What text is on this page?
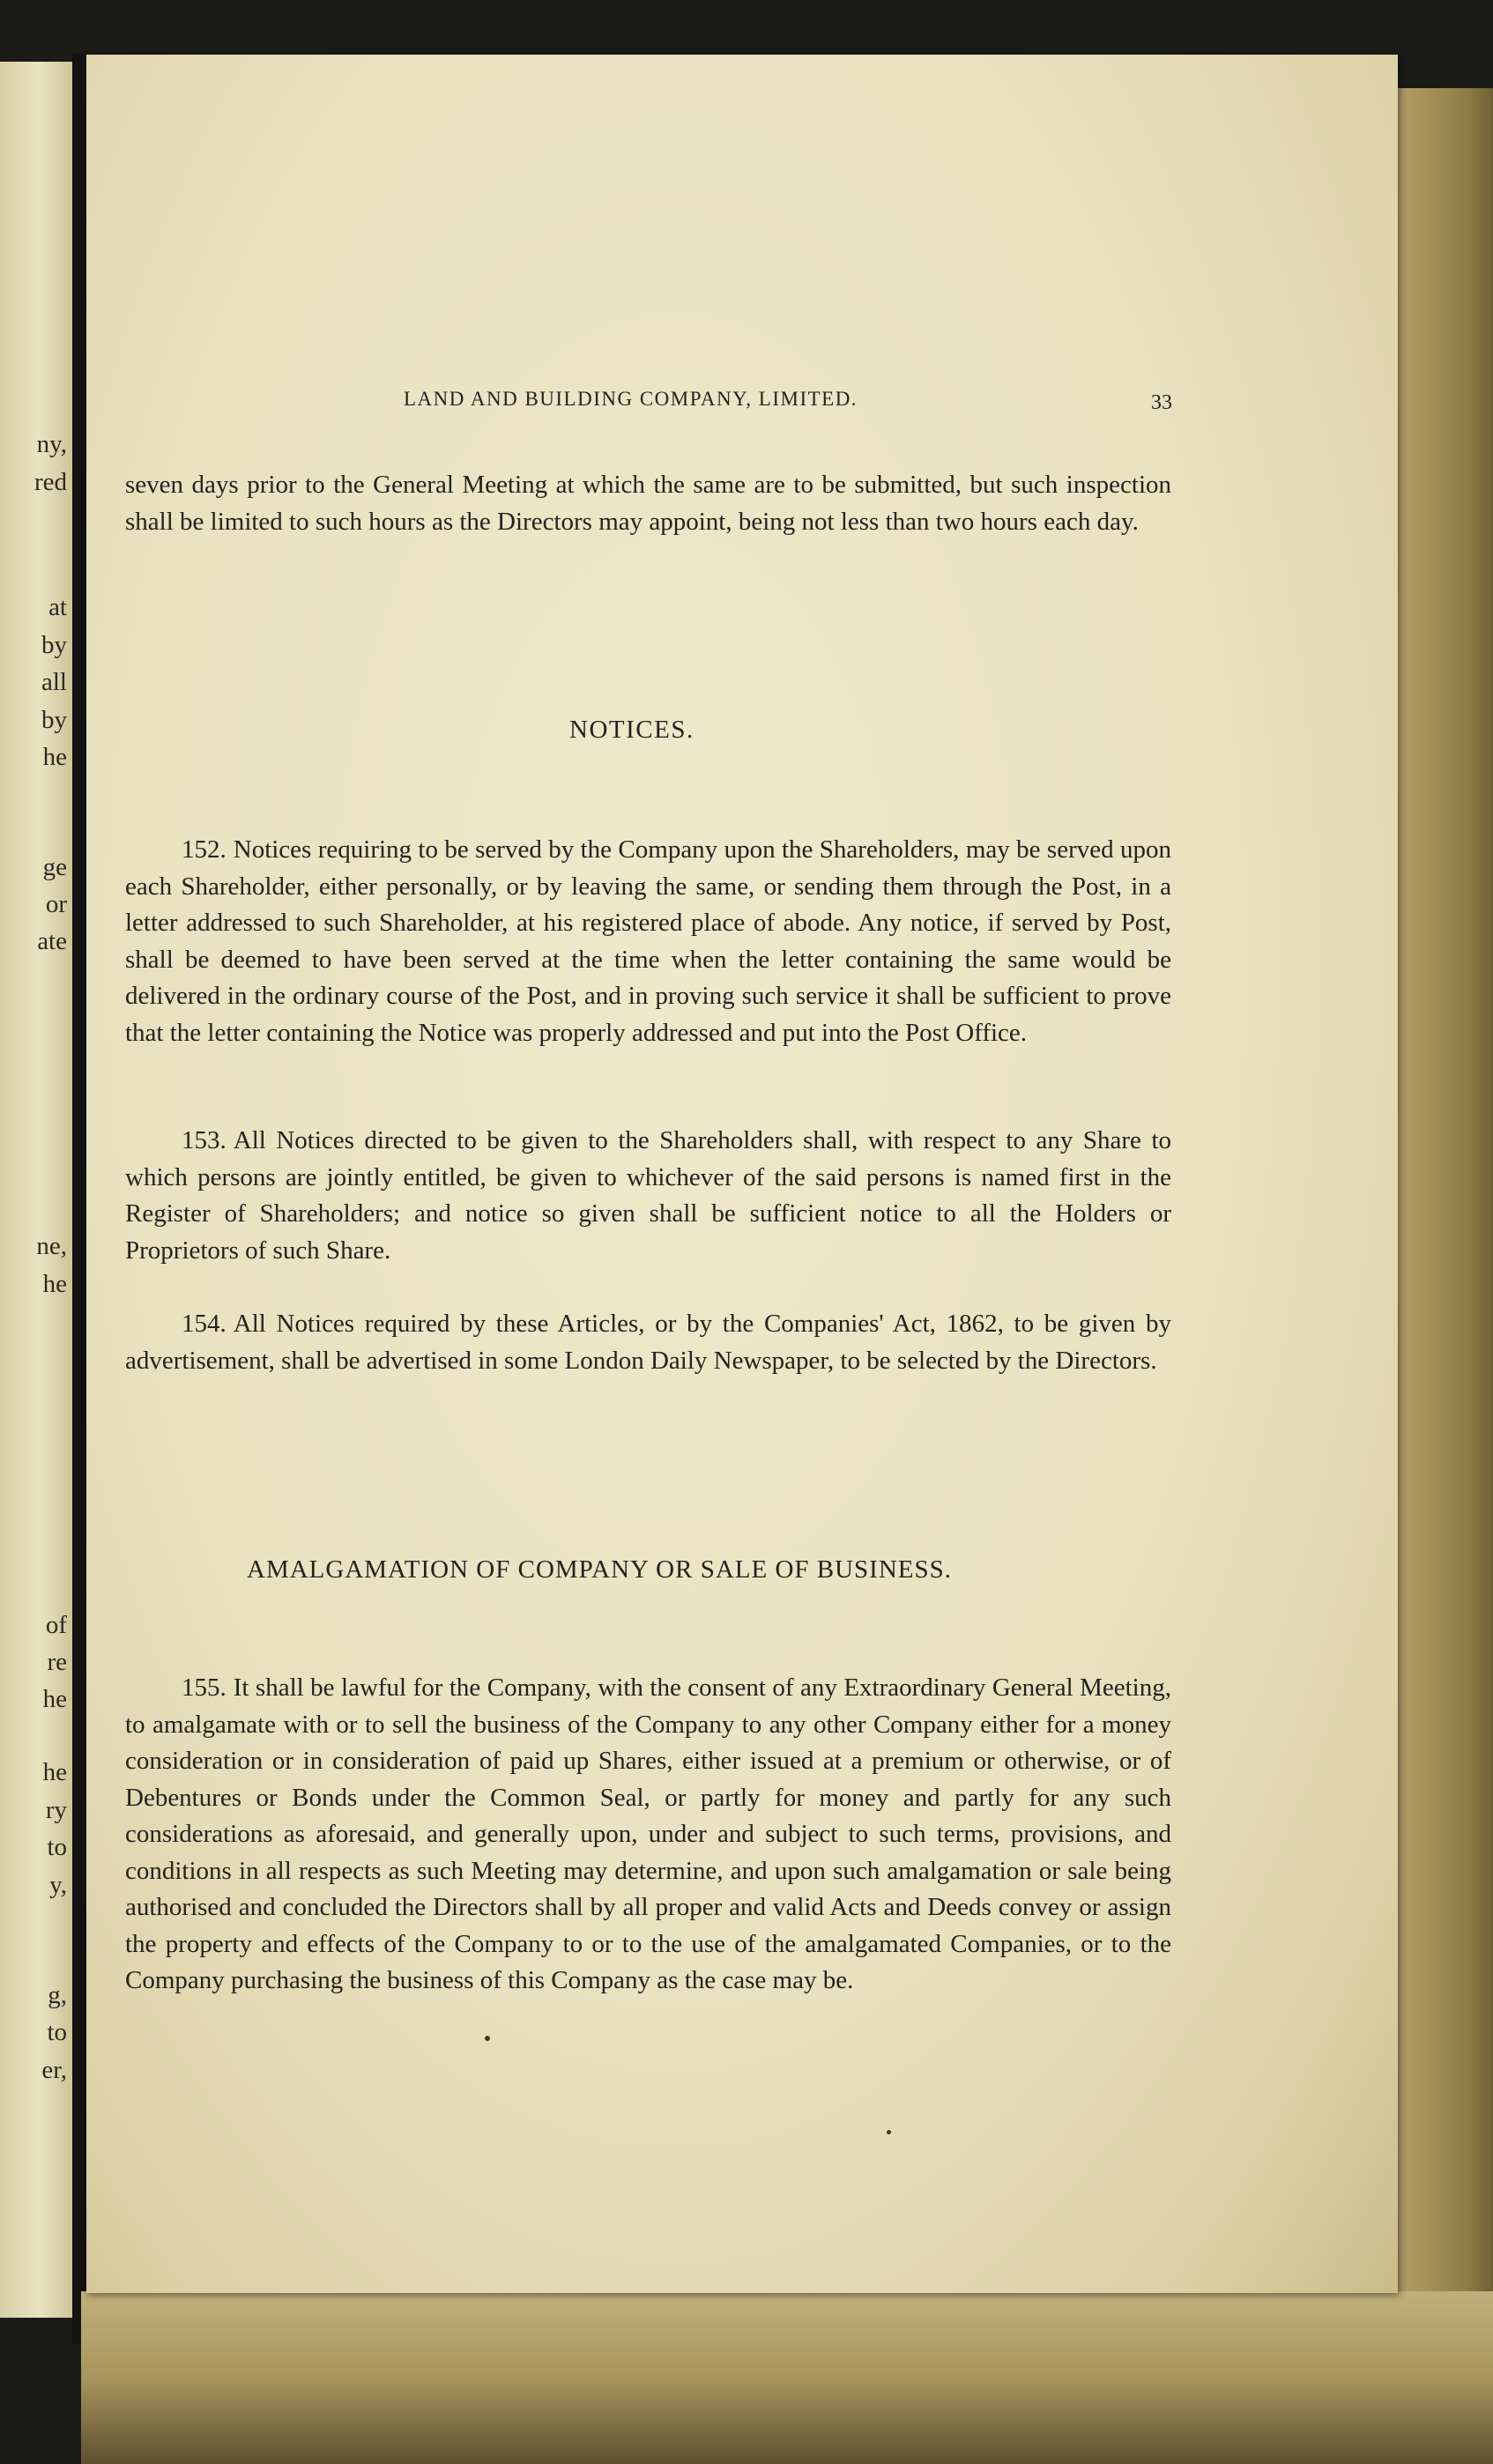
ny,
red
at
by
all
by
he
ge
or
ate
ne,
he
of
re
he
he
ry
to
y,
g,
to
er,
LAND AND BUILDING COMPANY, LIMITED.	33

seven days prior to the General Meeting at which the same are to be submitted, but such inspection shall be limited to such hours as the Directors may appoint, being not less than two hours each day.

NOTICES.

152. Notices requiring to be served by the Company upon the Shareholders, may be served upon each Shareholder, either personally, or by leaving the same, or sending them through the Post, in a letter addressed to such Shareholder, at his registered place of abode. Any notice, if served by Post, shall be deemed to have been served at the time when the letter containing the same would be delivered in the ordinary course of the Post, and in proving such service it shall be sufficient to prove that the letter containing the Notice was properly addressed and put into the Post Office.

153. All Notices directed to be given to the Shareholders shall, with respect to any Share to which persons are jointly entitled, be given to whichever of the said persons is named first in the Register of Shareholders; and notice so given shall be sufficient notice to all the Holders or Proprietors of such Share.

154. All Notices required by these Articles, or by the Companies' Act, 1862, to be given by advertisement, shall be advertised in some London Daily Newspaper, to be selected by the Directors.

AMALGAMATION OF COMPANY OR SALE OF BUSINESS.

155. It shall be lawful for the Company, with the consent of any Extraordinary General Meeting, to amalgamate with or to sell the business of the Company to any other Company either for a money consideration or in consideration of paid up Shares, either issued at a premium or otherwise, or of Debentures or Bonds under the Common Seal, or partly for money and partly for any such considerations as aforesaid, and generally upon, under and subject to such terms, provisions, and conditions in all respects as such Meeting may determine, and upon such amalgamation or sale being authorised and concluded the Directors shall by all proper and valid Acts and Deeds convey or assign the property and effects of the Company to or to the use of the amalgamated Companies, or to the Company purchasing the business of this Company as the case may be.
